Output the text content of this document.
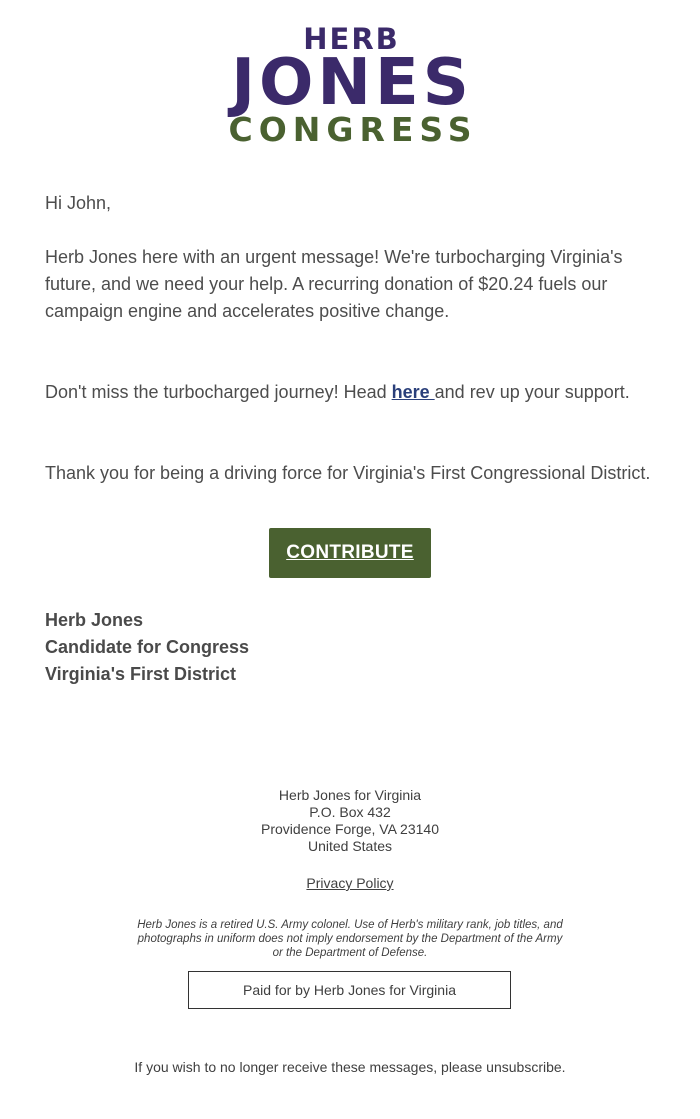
HERB
JONES
CONGRESS

Hi John,

Herb Jones here with an urgent message! We're turbocharging Virginia's future, and we need your help. A recurring donation of $20.24 fuels our campaign engine and accelerates positive change.

Don't miss the turbocharged journey! Head here and rev up your support.

Thank you for being a driving force for Virginia's First Congressional District.

CONTRIBUTE
Herb Jones
Candidate for Congress
Virginia's First District
Herb Jones for Virginia
P.O. Box 432
Providence Forge, VA 23140
United States
Privacy Policy
Herb Jones is a retired U.S. Army colonel. Use of Herb's military rank, job titles, and photographs in uniform does not imply endorsement by the Department of the Army or the Department of Defense.
Paid for by Herb Jones for Virginia
If you wish to no longer receive these messages, please unsubscribe.
